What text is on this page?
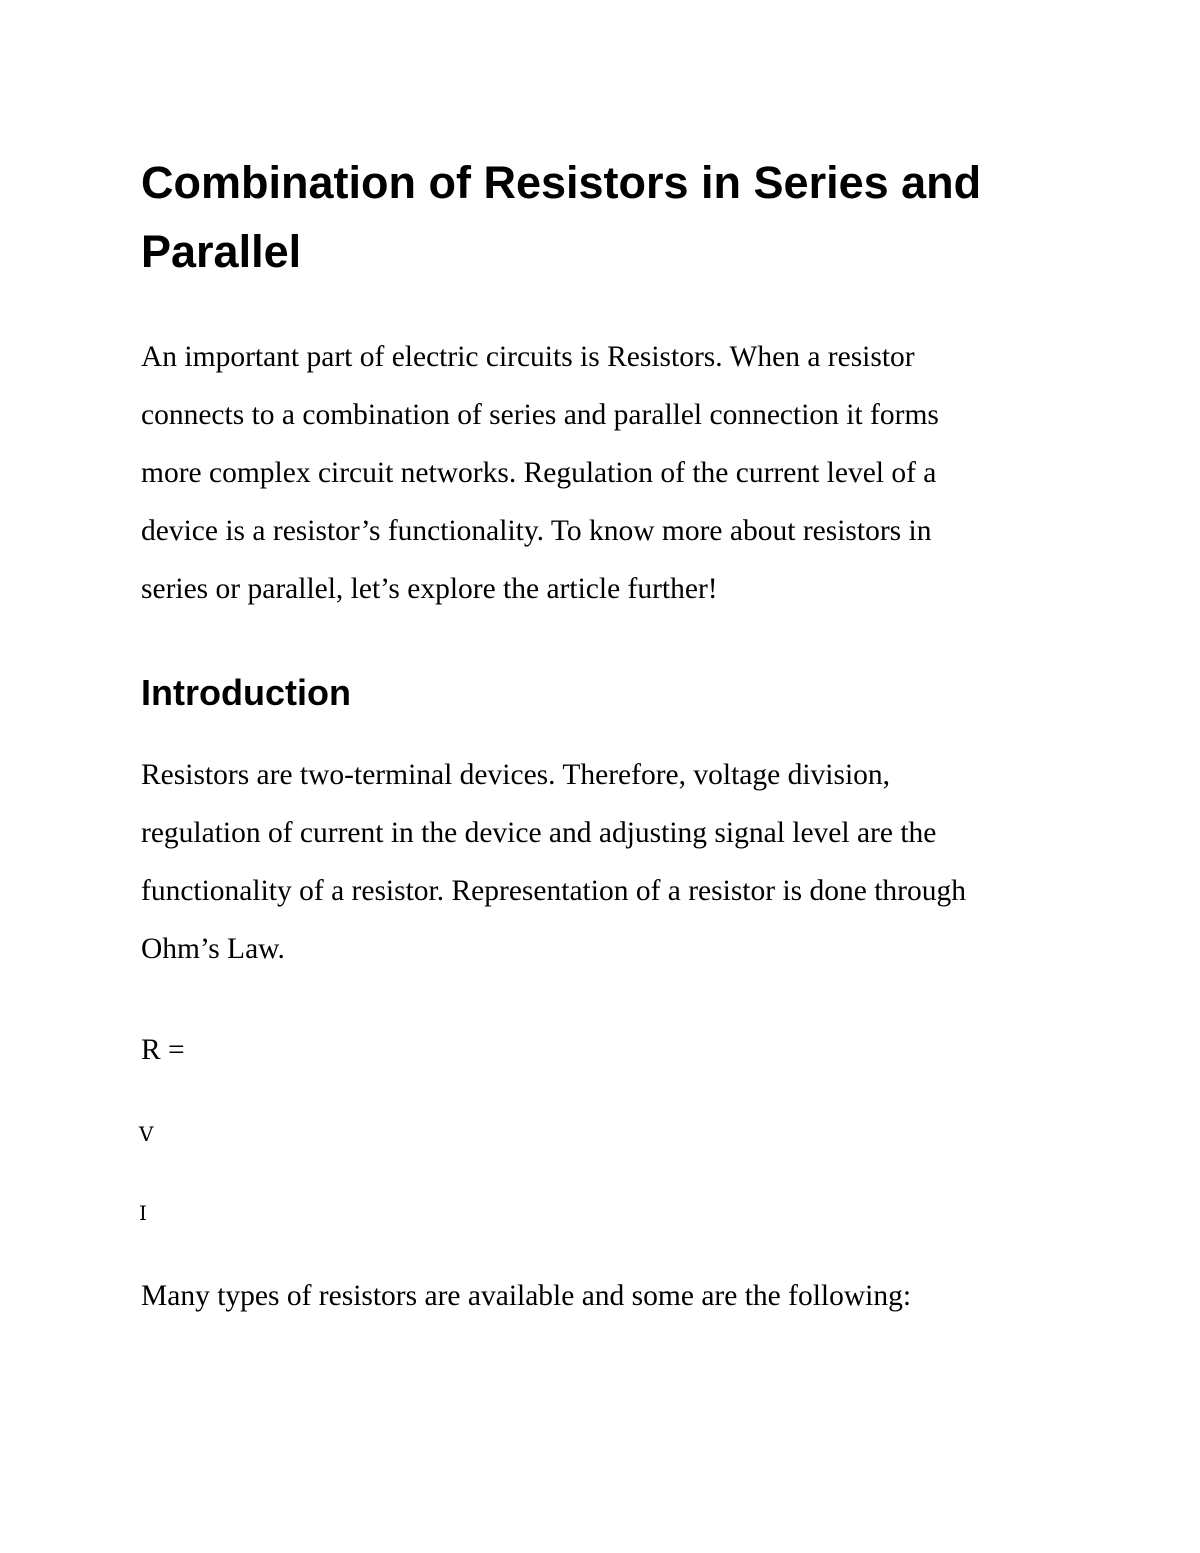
Combination of Resistors in Series and
Parallel

An important part of electric circuits is Resistors. When a resistor
connects to a combination of series and parallel connection it forms
more complex circuit networks. Regulation of the current level of a
device is a resistor’s functionality. To know more about resistors in
series or parallel, let’s explore the article further!

Introduction

Resistors are two-terminal devices. Therefore, voltage division,
regulation of current in the device and adjusting signal level are the
functionality of a resistor. Representation of a resistor is done through
Ohm’s Law.

R =

V

I

Many types of resistors are available and some are the following:
